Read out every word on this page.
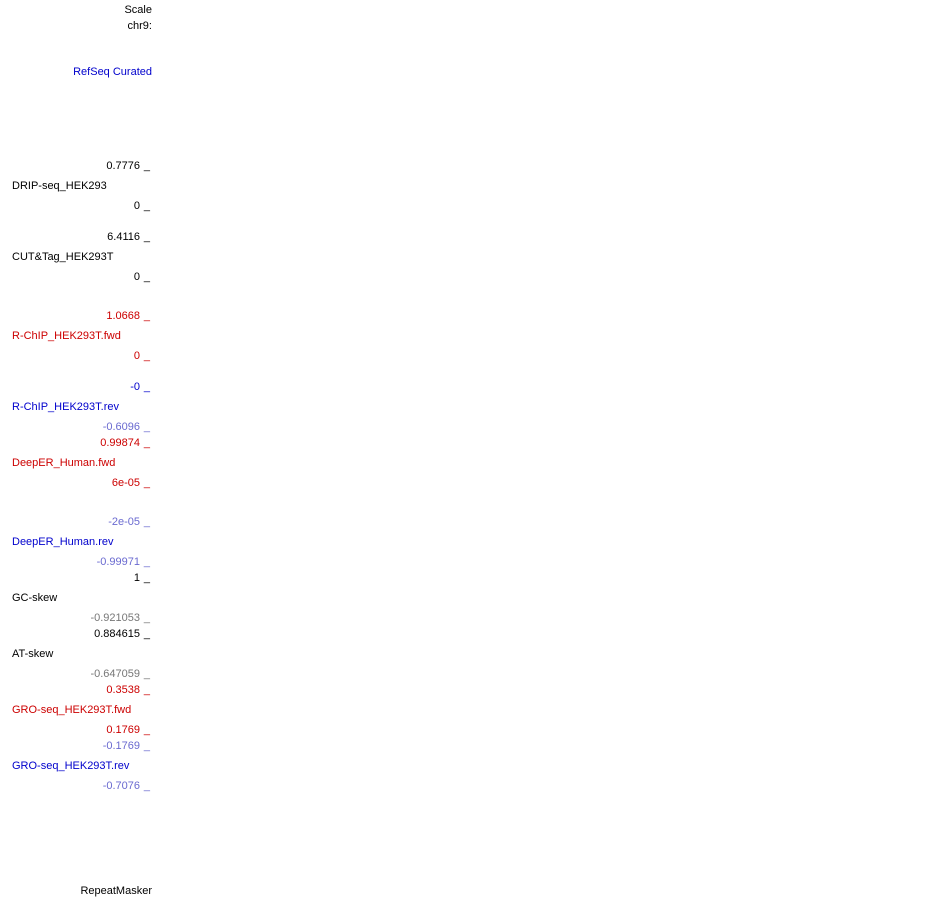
Scale
chr9:
RefSeq Curated
0.7776 _
DRIP-seq_HEK293
0 _
6.4116 _
CUT&Tag_HEK293T
0 _
1.0668 _
R-ChIP_HEK293T.fwd
0 _
-0 _
R-ChIP_HEK293T.rev
-0.6096 _
0.99874 _
DeepER_Human.fwd
6e-05 _
-2e-05 _
DeepER_Human.rev
-0.99971 _
1 _
GC-skew
-0.921053 _
0.884615 _
AT-skew
-0.647059 _
0.3538 _
GRO-seq_HEK293T.fwd
0.1769 _
-0.1769 _
GRO-seq_HEK293T.rev
-0.7076 _
RepeatMasker
